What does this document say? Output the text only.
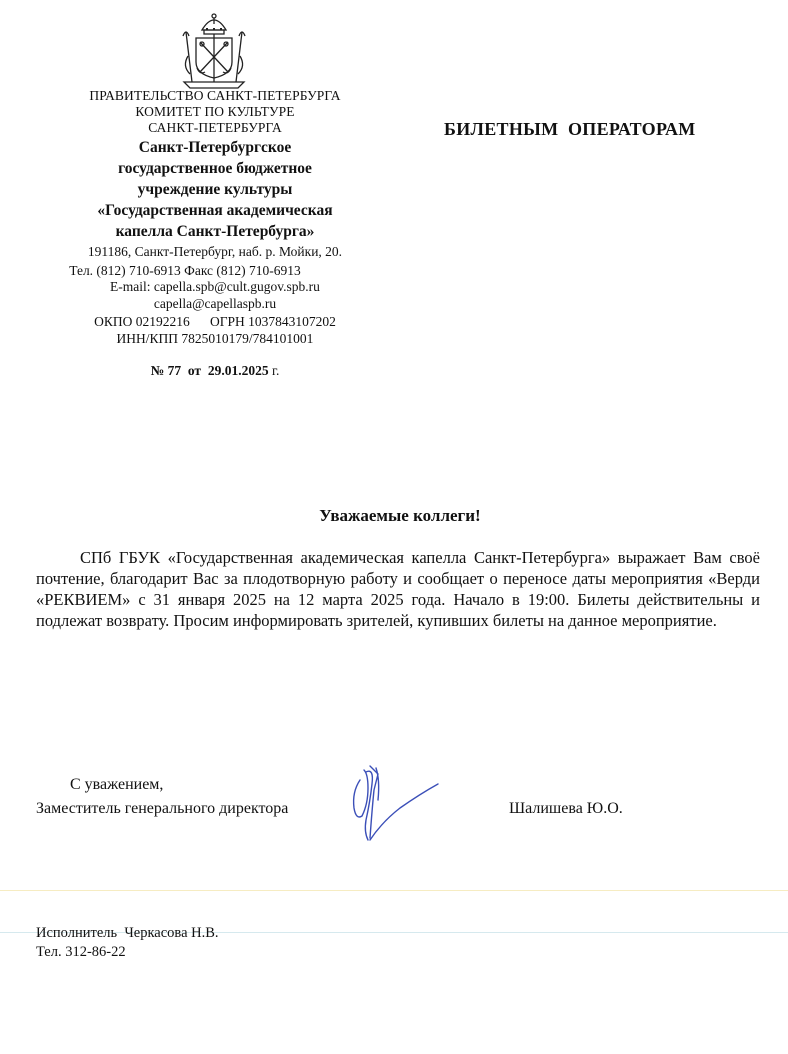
ПРАВИТЕЛЬСТВО САНКТ-ПЕТЕРБУРГА
КОМИТЕТ ПО КУЛЬТУРЕ
САНКТ-ПЕТЕРБУРГА
Санкт-Петербургское
государственное бюджетное
учреждение культуры
«Государственная академическая
капелла Санкт-Петербурга»
191186, Санкт-Петербург, наб. р. Мойки, 20.
Тел. (812) 710-6913 Факс (812) 710-6913
E-mail: capella.spb@cult.gugov.spb.ru
capella@capellaspb.ru
ОКПО 02192216      ОГРН 1037843107202
ИНН/КПП 7825010179/784101001
№ 77 от 29.01.2025 г.
БИЛЕТНЫМ  ОПЕРАТОРАМ
Уважаемые коллеги!

СПб ГБУК «Государственная академическая капелла Санкт-Петербурга» выражает Вам своё почтение, благодарит Вас за плодотворную работу и сообщает о переносе даты мероприятия «Верди «РЕКВИЕМ» с 31 января 2025 на 12 марта 2025 года. Начало в 19:00. Билеты действительны и подлежат возврату. Просим информировать зрителей, купивших билеты на данное мероприятие.

С уважением,
Заместитель генерального директора	Шалишева Ю.О.
Исполнитель  Черкасова Н.В.
Тел. 312-86-22
